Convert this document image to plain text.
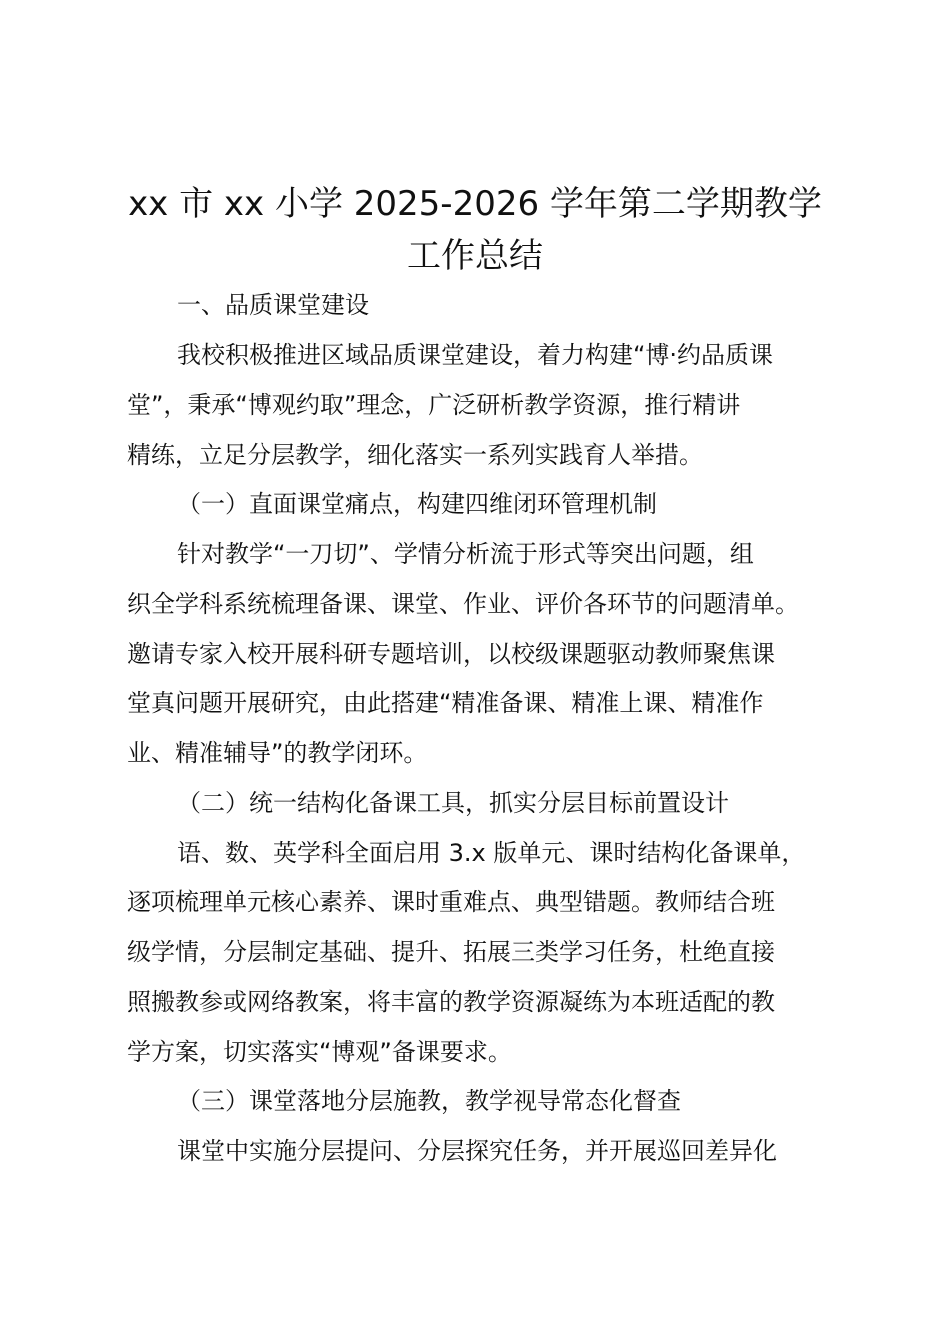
xx 市 xx 小学 2025-2026 学年第二学期教学
工作总结

一、品质课堂建设

我校积极推进区域品质课堂建设，着力构建“博·约品质课

堂”，秉承“博观约取”理念，广泛研析教学资源，推行精讲

精练，立足分层教学，细化落实一系列实践育人举措。

（一）直面课堂痛点，构建四维闭环管理机制

针对教学“一刀切”、学情分析流于形式等突出问题，组

织全学科系统梳理备课、课堂、作业、评价各环节的问题清单。

邀请专家入校开展科研专题培训，以校级课题驱动教师聚焦课

堂真问题开展研究，由此搭建“精准备课、精准上课、精准作

业、精准辅导”的教学闭环。

（二）统一结构化备课工具，抓实分层目标前置设计

语、数、英学科全面启用 3.x 版单元、课时结构化备课单，

逐项梳理单元核心素养、课时重难点、典型错题。教师结合班

级学情，分层制定基础、提升、拓展三类学习任务，杜绝直接

照搬教参或网络教案，将丰富的教学资源凝练为本班适配的教

学方案，切实落实“博观”备课要求。

（三）课堂落地分层施教，教学视导常态化督查

课堂中实施分层提问、分层探究任务，并开展巡回差异化
